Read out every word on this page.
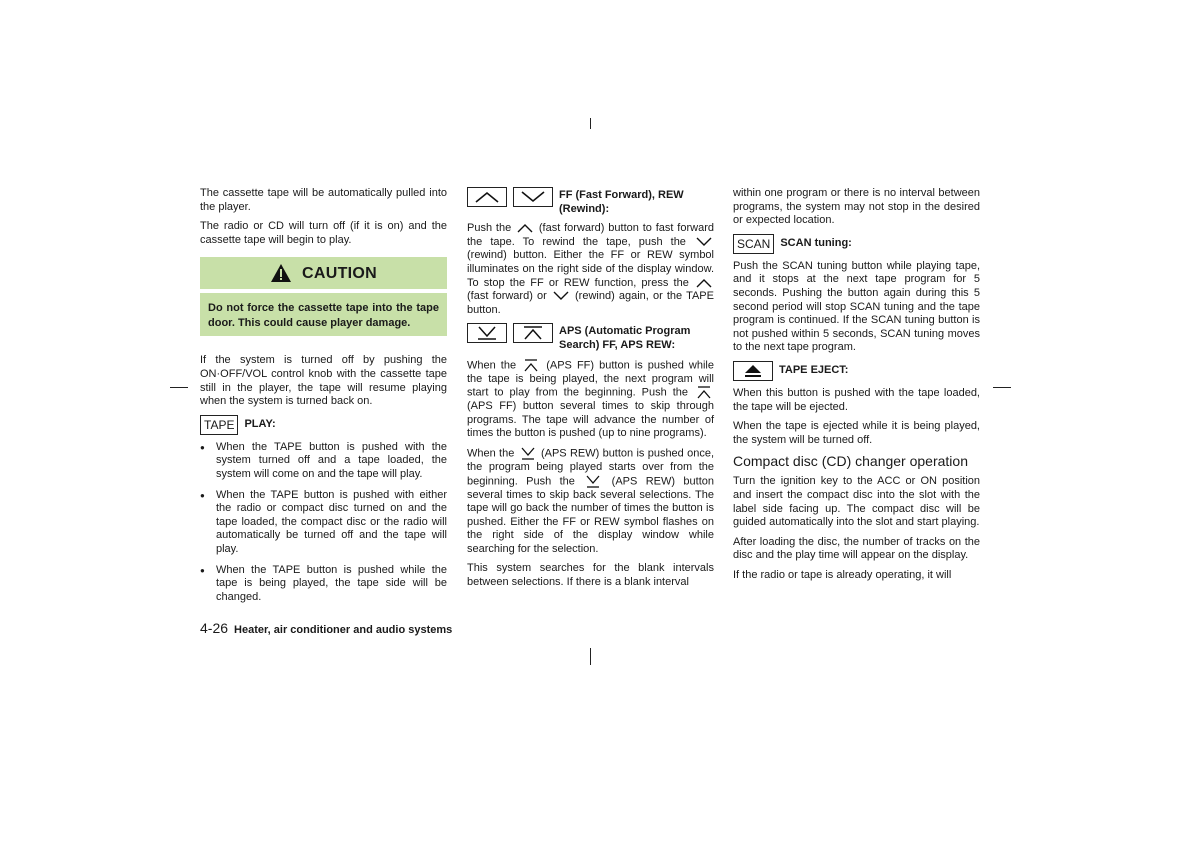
The cassette tape will be automatically pulled into the player.

The radio or CD will turn off (if it is on) and the cassette tape will begin to play.

CAUTION

Do not force the cassette tape into the tape door. This could cause player damage.

If the system is turned off by pushing the ON·OFF/VOL control knob with the cassette tape still in the player, the tape will resume playing when the system is turned back on.

TAPE PLAY:
● When the TAPE button is pushed with the system turned off and a tape loaded, the system will come on and the tape will play.
● When the TAPE button is pushed with either the radio or compact disc turned on and the tape loaded, the compact disc or the radio will automatically be turned off and the tape will play.
● When the TAPE button is pushed while the tape is being played, the tape side will be changed.
FF (Fast Forward), REW (Rewind):

Push the	(fast forward) button to fast forward the tape. To rewind the tape, push the  (rewind) button. Either the FF or REW symbol illuminates on the right side of the display window. To stop the FF or REW function, press the  (fast forward) or	(rewind) again, or the TAPE button.

APS (Automatic Program Search) FF, APS REW:

When the	(APS FF) button is pushed while the tape is being played, the next program will start to play from the beginning. Push the  (APS FF) button several times to skip through programs. The tape will advance the number of times the button is pushed (up to nine programs).

When the (APS REW) button is pushed once, the program being played starts over from the beginning. Push the	(APS REW) button several times to skip back several selections. The tape will go back the number of times the button is pushed. Either the FF or REW symbol flashes on the right side of the display window while searching for the selection.

This system searches for the blank intervals between selections. If there is a blank interval

within one program or there is no interval between programs, the system may not stop in the desired or expected location.

SCAN SCAN tuning:

Push the SCAN tuning button while playing tape, and it stops at the next tape program for 5 seconds. Pushing the button again during this 5 second period will stop SCAN tuning and the tape program is continued. If the SCAN tuning button is not pushed within 5 seconds, SCAN tuning moves to the next tape program.

TAPE EJECT:

When this button is pushed with the tape loaded, the tape will be ejected.

When the tape is ejected while it is being played, the system will be turned off.

Compact disc (CD) changer operation

Turn the ignition key to the ACC or ON position and insert the compact disc into the slot with the label side facing up. The compact disc will be guided automatically into the slot and start playing.

After loading the disc, the number of tracks on the disc and the play time will appear on the display.

If the radio or tape is already operating, it will

4-26 Heater, air conditioner and audio systems
